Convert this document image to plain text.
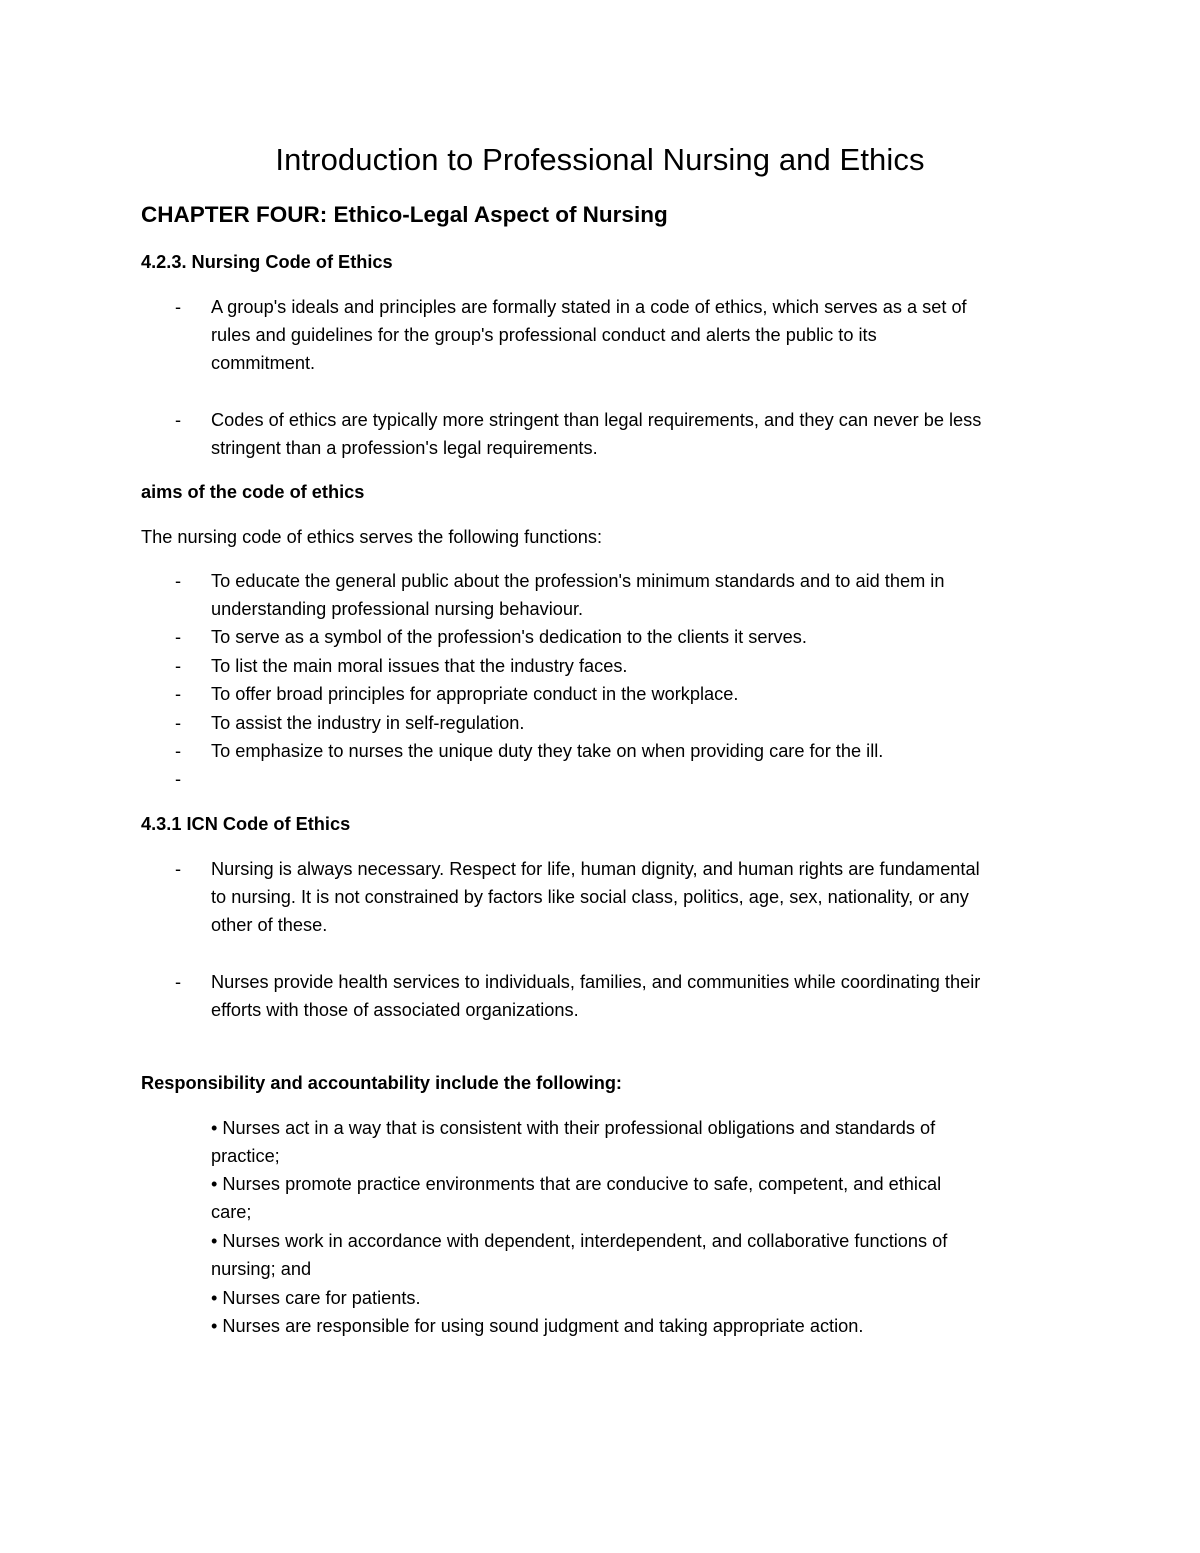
Introduction to Professional Nursing and Ethics
CHAPTER FOUR: Ethico-Legal Aspect of Nursing
4.2.3. Nursing Code of Ethics
- A group's ideals and principles are formally stated in a code of ethics, which serves as a set of
rules and guidelines for the group's professional conduct and alerts the public to its
commitment.
- Codes of ethics are typically more stringent than legal requirements, and they can never be less
stringent than a profession's legal requirements.
aims of the code of ethics
The nursing code of ethics serves the following functions:
- To educate the general public about the profession's minimum standards and to aid them in
understanding professional nursing behaviour.
- To serve as a symbol of the profession's dedication to the clients it serves.
- To list the main moral issues that the industry faces.
- To offer broad principles for appropriate conduct in the workplace.
- To assist the industry in self-regulation.
- To emphasize to nurses the unique duty they take on when providing care for the ill.
-
4.3.1 ICN Code of Ethics
- Nursing is always necessary. Respect for life, human dignity, and human rights are fundamental
to nursing. It is not constrained by factors like social class, politics, age, sex, nationality, or any
other of these.
- Nurses provide health services to individuals, families, and communities while coordinating their
efforts with those of associated organizations.
Responsibility and accountability include the following:
• Nurses act in a way that is consistent with their professional obligations and standards of
practice;
• Nurses promote practice environments that are conducive to safe, competent, and ethical
care;
• Nurses work in accordance with dependent, interdependent, and collaborative functions of
nursing; and
• Nurses care for patients.
• Nurses are responsible for using sound judgment and taking appropriate action.
